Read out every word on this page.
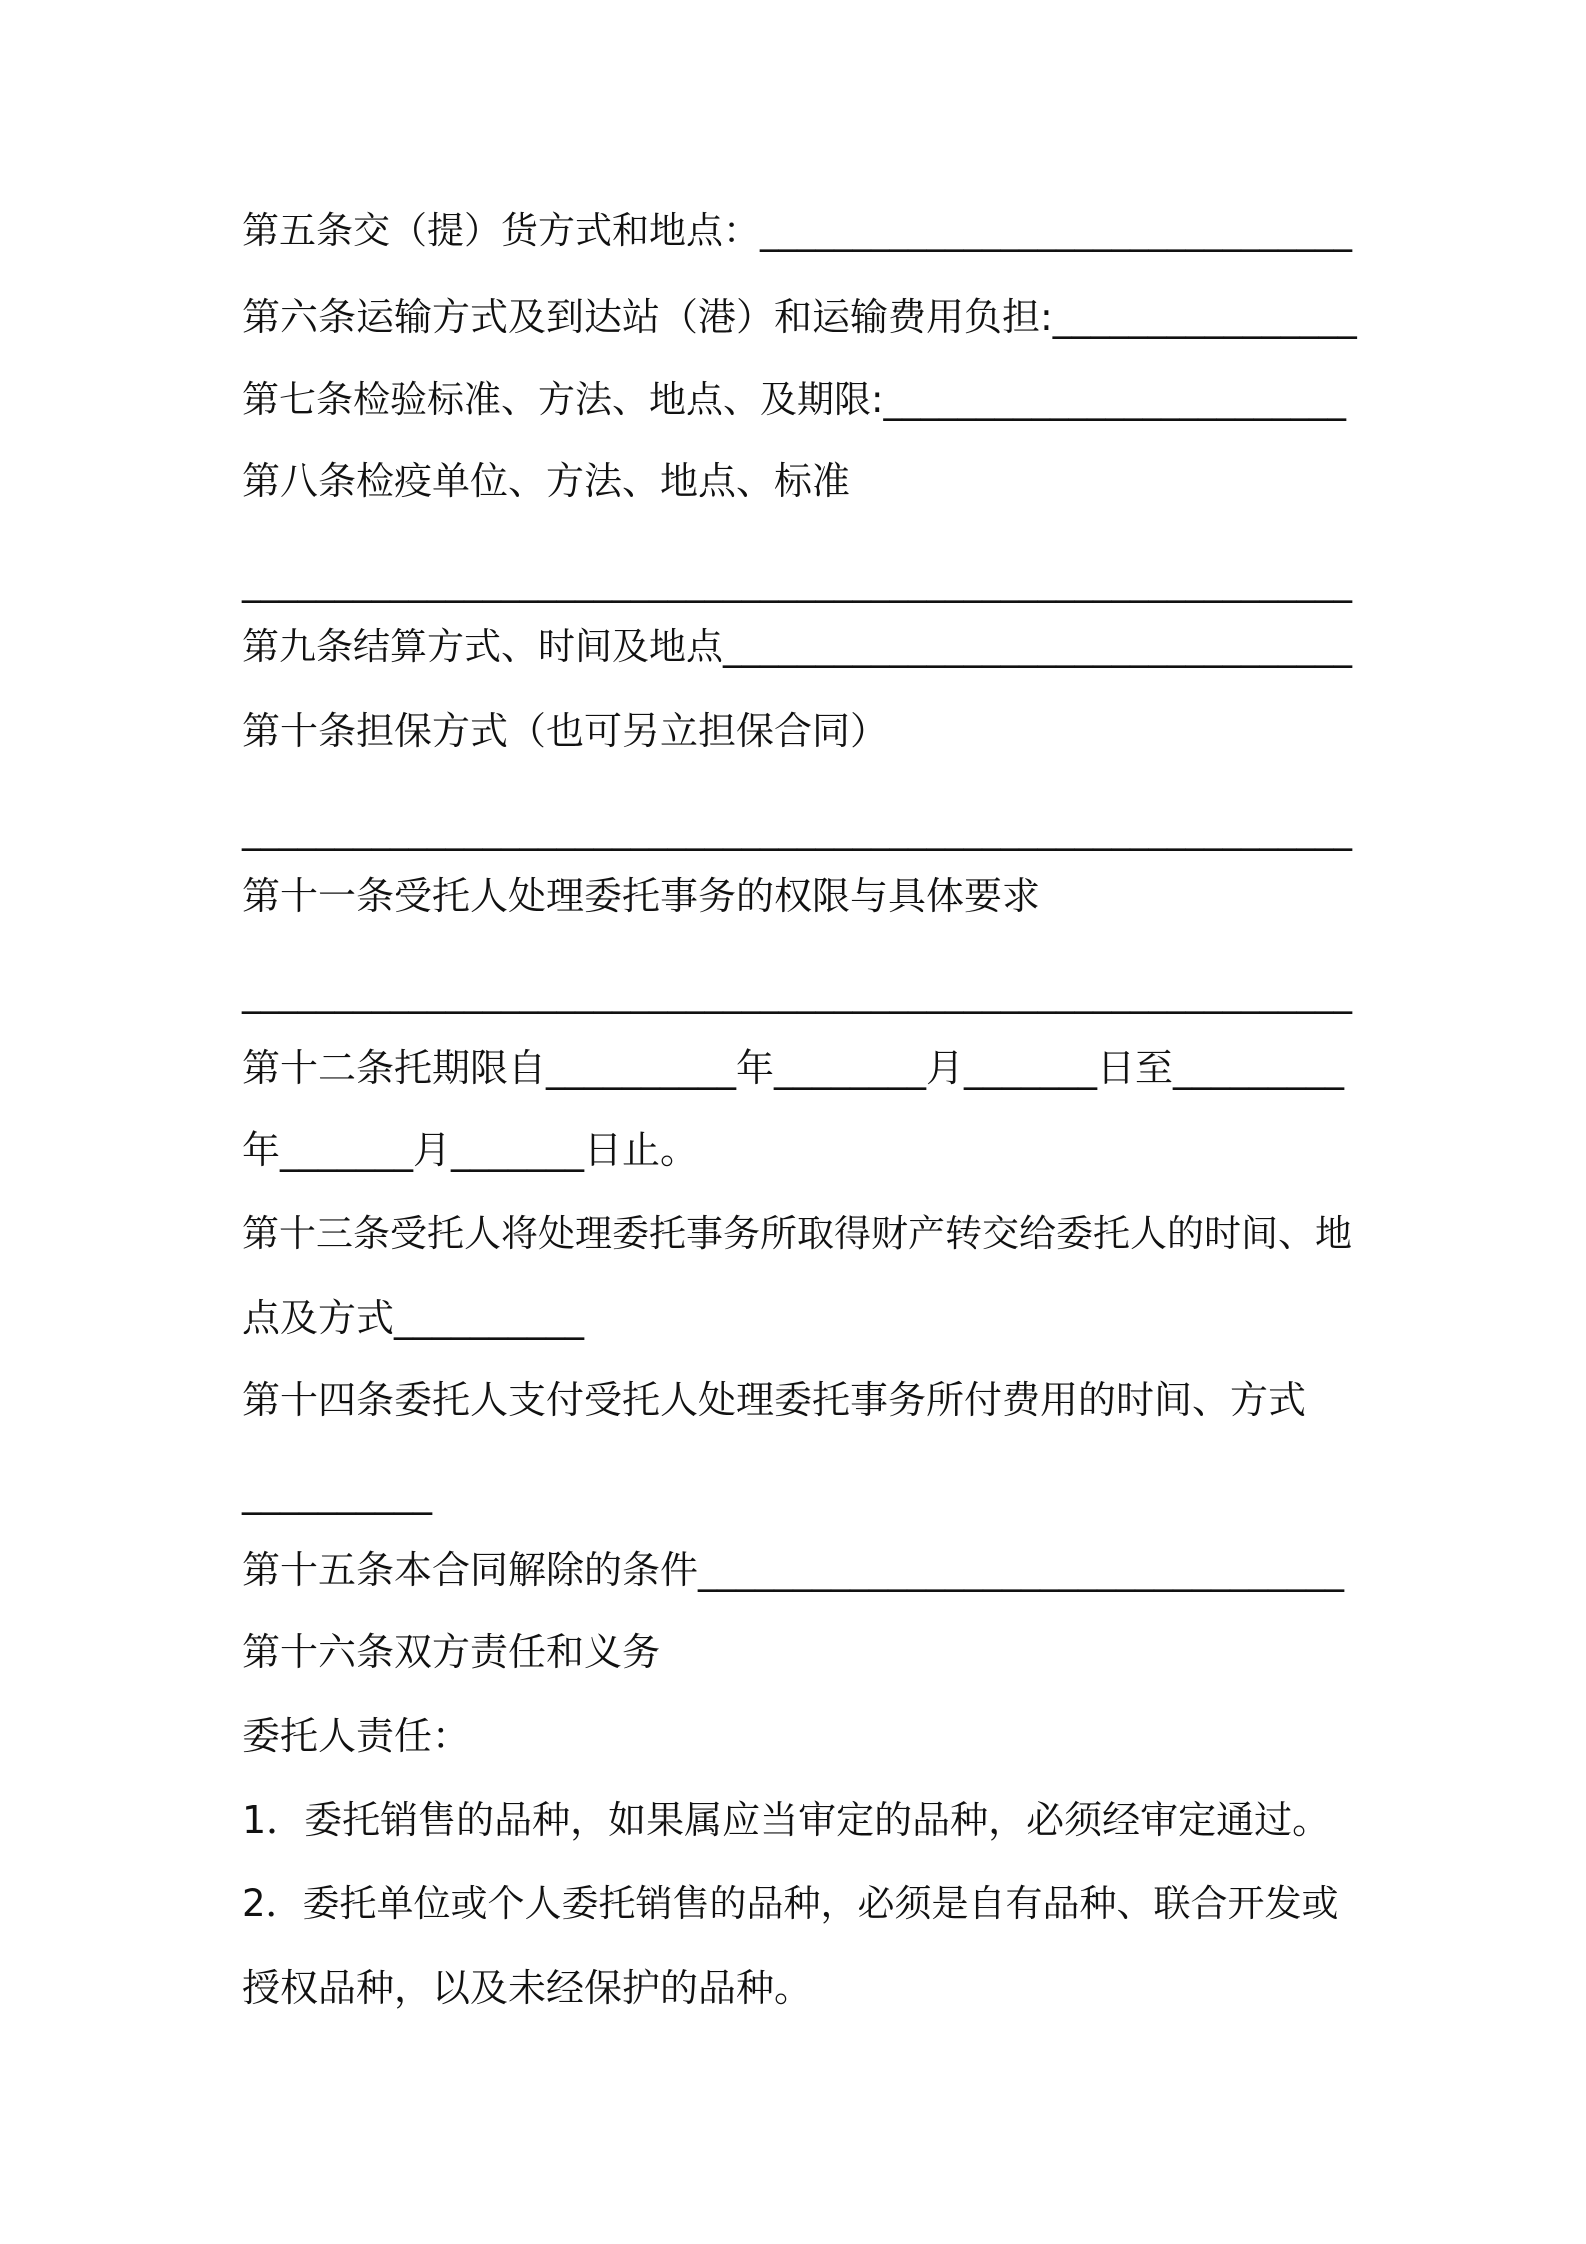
第五条交（提）货方式和地点：________________________________

第六条运输方式及到达站（港）和运输费用负担:________________

第七条检验标准、方法、地点、及期限:_________________________

第八条检疫单位、方法、地点、标准

____________________________________________________________

第九条结算方式、时间及地点__________________________________

第十条担保方式（也可另立担保合同）

____________________________________________________________

第十一条受托人处理委托事务的权限与具体要求

____________________________________________________________

第十二条托期限自__________年________月_______日至_________

年_______月_______日止。

第十三条受托人将处理委托事务所取得财产转交给委托人的时间、地

点及方式__________

第十四条委托人支付受托人处理委托事务所付费用的时间、方式

__________

第十五条本合同解除的条件__________________________________

第十六条双方责任和义务

委托人责任：

1．委托销售的品种，如果属应当审定的品种，必须经审定通过。

2．委托单位或个人委托销售的品种，必须是自有品种、联合开发或

授权品种，以及未经保护的品种。
